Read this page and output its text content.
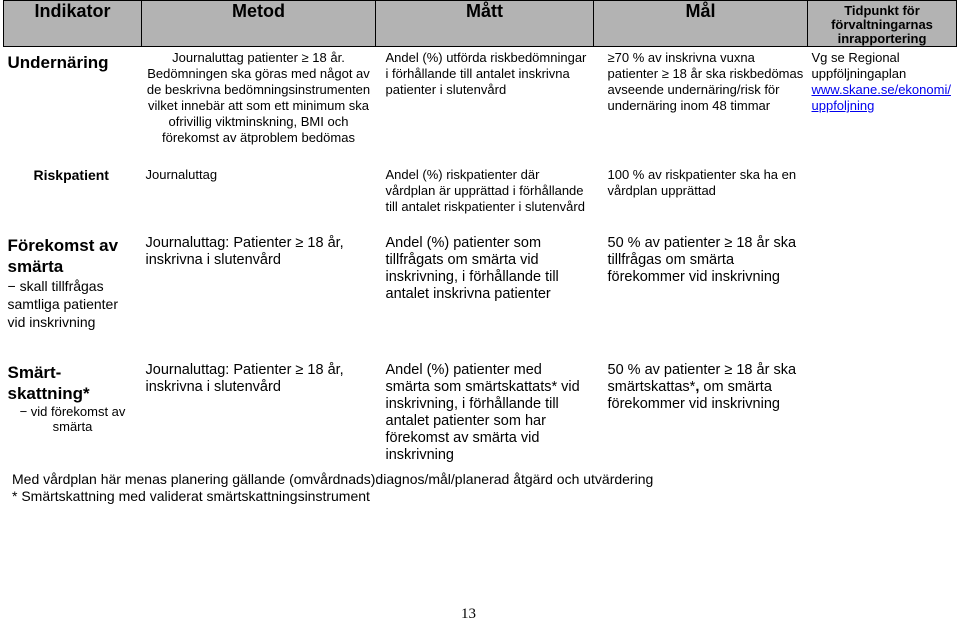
Indikator	Metod	Mått	Mål	Tidpunkt för förvaltningarnas inrapportering
Undernäring	Journaluttag patienter ≥ 18 år. Bedömningen ska göras med något av de beskrivna bedömningsinstrumenten vilket innebär att som ett minimum ska ofrivillig viktminskning, BMI och förekomst av ätproblem bedömas	Andel (%) utförda riskbedömningar i förhållande till antalet inskrivna patienter i slutenvård	≥70 % av inskrivna vuxna patienter ≥ 18 år ska riskbedömas avseende undernäring/risk för undernäring inom 48 timmar	Vg se Regional uppföljningaplan
www.skane.se/ekonomi/uppfoljning
Riskpatient	Journaluttag	Andel (%) riskpatienter där vårdplan är upprättad i förhållande till antalet riskpatienter i slutenvård	100 % av riskpatienter ska ha en vårdplan upprättad	

Förekomst av smärta
− skall tillfrågas samtliga patienter vid inskrivning	Journaluttag: Patienter ≥ 18 år, inskrivna i slutenvård	Andel (%) patienter som tillfrågats om smärta vid inskrivning, i förhållande till antalet inskrivna patienter	50 % av patienter ≥ 18 år ska tillfrågas om smärta förekommer vid inskrivning	

Smärt-skattning*
− vid förekomst av smärta	Journaluttag: Patienter ≥ 18 år, inskrivna i slutenvård	Andel (%) patienter med smärta som smärtskattats* vid inskrivning, i förhållande till antalet patienter som har förekomst av smärta vid inskrivning	50 % av patienter ≥ 18 år ska smärtskattas*, om smärta förekommer vid inskrivning	
Med vårdplan här menas planering gällande (omvårdnads)diagnos/mål/planerad åtgärd och utvärdering
* Smärtskattning med validerat smärtskattningsinstrument
13
